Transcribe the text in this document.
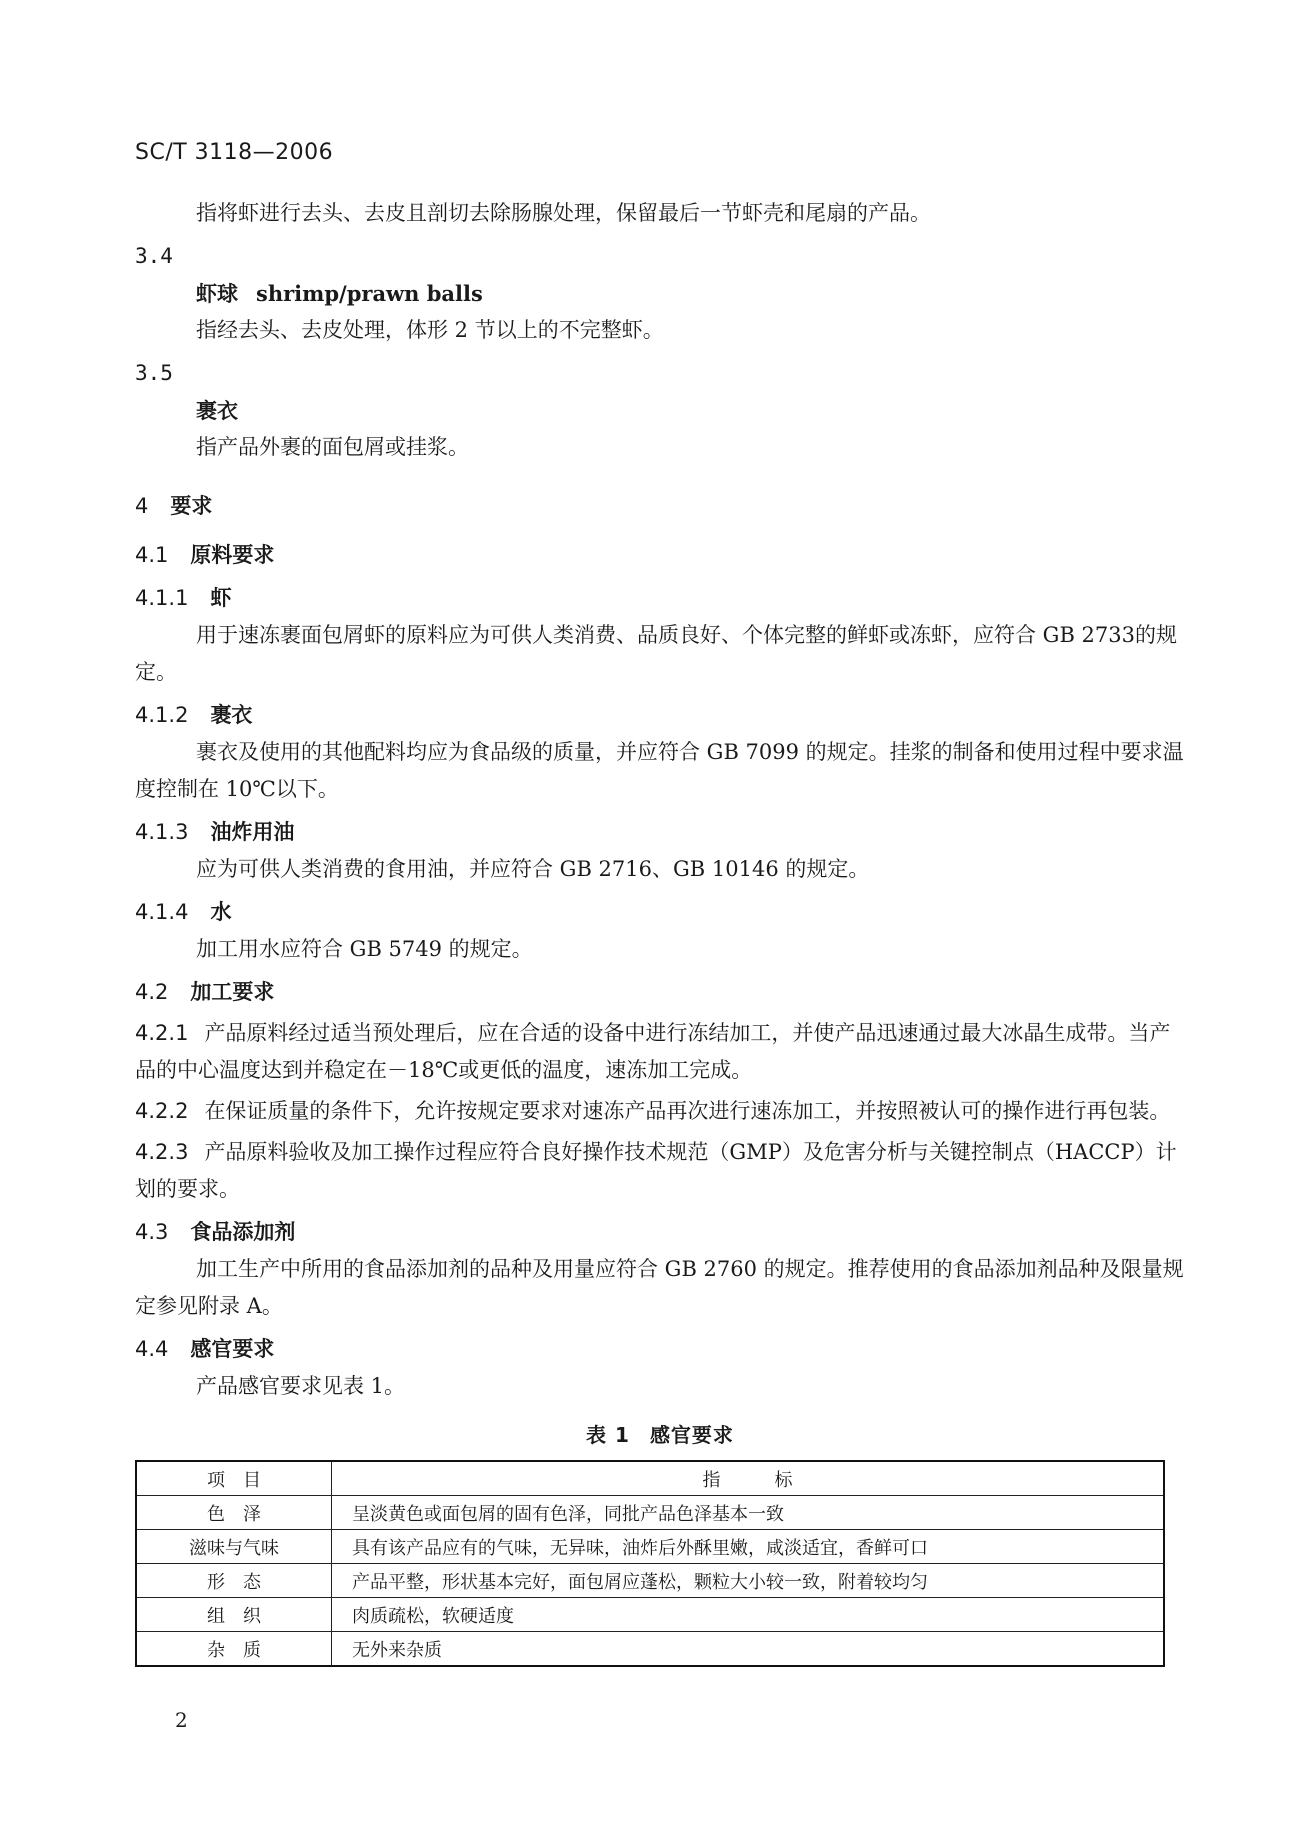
SC/T 3118—2006

指将虾进行去头、去皮且剖切去除肠腺处理，保留最后一节虾壳和尾扇的产品。

3.4

虾球 shrimp/prawn balls

指经去头、去皮处理，体形 2 节以上的不完整虾。

3.5

裹衣

指产品外裹的面包屑或挂浆。

4 要求

4.1 原料要求

4.1.1 虾

用于速冻裹面包屑虾的原料应为可供人类消费、品质良好、个体完整的鲜虾或冻虾，应符合 GB 2733的规定。

4.1.2 裹衣

裹衣及使用的其他配料均应为食品级的质量，并应符合 GB 7099 的规定。挂浆的制备和使用过程中要求温度控制在 10℃以下。

4.1.3 油炸用油

应为可供人类消费的食用油，并应符合 GB 2716、GB 10146 的规定。

4.1.4 水

加工用水应符合 GB 5749 的规定。

4.2 加工要求

4.2.1 产品原料经过适当预处理后，应在合适的设备中进行冻结加工，并使产品迅速通过最大冰晶生成带。当产品的中心温度达到并稳定在－18℃或更低的温度，速冻加工完成。

4.2.2 在保证质量的条件下，允许按规定要求对速冻产品再次进行速冻加工，并按照被认可的操作进行再包装。

4.2.3 产品原料验收及加工操作过程应符合良好操作技术规范（GMP）及危害分析与关键控制点（HACCP）计划的要求。

4.3 食品添加剂

加工生产中所用的食品添加剂的品种及用量应符合 GB 2760 的规定。推荐使用的食品添加剂品种及限量规定参见附录 A。

4.4 感官要求

产品感官要求见表 1。

表 1 感官要求
项　目	指　　　标
色　泽	呈淡黄色或面包屑的固有色泽，同批产品色泽基本一致
滋味与气味	具有该产品应有的气味，无异味，油炸后外酥里嫩，咸淡适宜，香鲜可口
形　态	产品平整，形状基本完好，面包屑应蓬松，颗粒大小较一致，附着较均匀
组　织	肉质疏松，软硬适度
杂　质	无外来杂质
2
